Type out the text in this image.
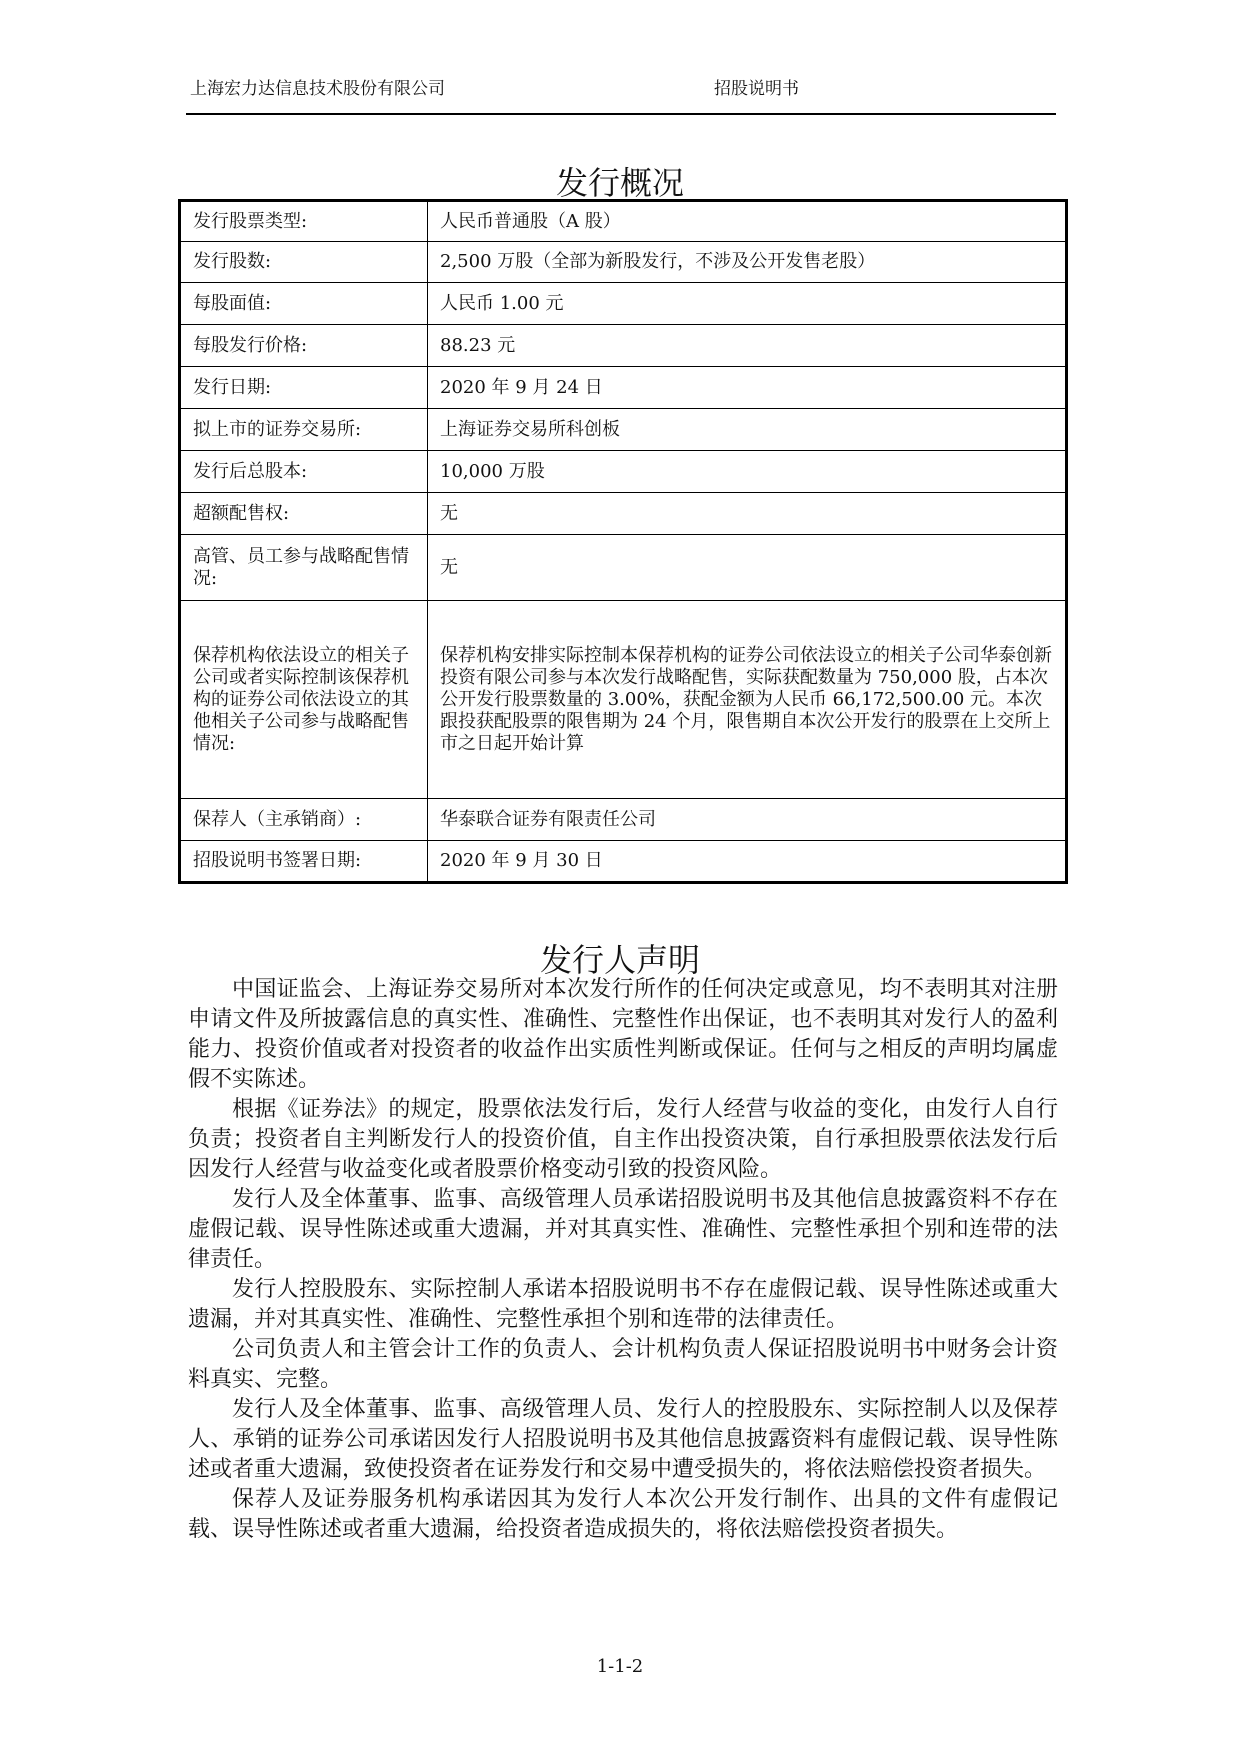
上海宏力达信息技术股份有限公司	招股说明书
发行概况
发行股票类型:	人民币普通股（A 股）
发行股数:	2,500 万股（全部为新股发行，不涉及公开发售老股）
每股面值:	人民币 1.00 元
每股发行价格:	88.23 元
发行日期:	2020 年 9 月 24 日
拟上市的证券交易所:	上海证券交易所科创板
发行后总股本:	10,000 万股
超额配售权:	无
高管、员工参与战略配售情况:	无
保荐机构依法设立的相关子公司或者实际控制该保荐机构的证券公司依法设立的其他相关子公司参与战略配售情况:	保荐机构安排实际控制本保荐机构的证券公司依法设立的相关子公司华泰创新投资有限公司参与本次发行战略配售，实际获配数量为 750,000 股，占本次公开发行股票数量的 3.00%，获配金额为人民币 66,172,500.00 元。本次跟投获配股票的限售期为 24 个月，限售期自本次公开发行的股票在上交所上市之日起开始计算
保荐人（主承销商）:	华泰联合证券有限责任公司
招股说明书签署日期:	2020 年 9 月 30 日
发行人声明

中国证监会、上海证券交易所对本次发行所作的任何决定或意见，均不表明其对注册申请文件及所披露信息的真实性、准确性、完整性作出保证，也不表明其对发行人的盈利能力、投资价值或者对投资者的收益作出实质性判断或保证。任何与之相反的声明均属虚假不实陈述。

根据《证券法》的规定，股票依法发行后，发行人经营与收益的变化，由发行人自行负责；投资者自主判断发行人的投资价值，自主作出投资决策，自行承担股票依法发行后因发行人经营与收益变化或者股票价格变动引致的投资风险。

发行人及全体董事、监事、高级管理人员承诺招股说明书及其他信息披露资料不存在虚假记载、误导性陈述或重大遗漏，并对其真实性、准确性、完整性承担个别和连带的法律责任。

发行人控股股东、实际控制人承诺本招股说明书不存在虚假记载、误导性陈述或重大遗漏，并对其真实性、准确性、完整性承担个别和连带的法律责任。

公司负责人和主管会计工作的负责人、会计机构负责人保证招股说明书中财务会计资料真实、完整。

发行人及全体董事、监事、高级管理人员、发行人的控股股东、实际控制人以及保荐人、承销的证券公司承诺因发行人招股说明书及其他信息披露资料有虚假记载、误导性陈述或者重大遗漏，致使投资者在证券发行和交易中遭受损失的，将依法赔偿投资者损失。

保荐人及证券服务机构承诺因其为发行人本次公开发行制作、出具的文件有虚假记载、误导性陈述或者重大遗漏，给投资者造成损失的，将依法赔偿投资者损失。

1-1-2
